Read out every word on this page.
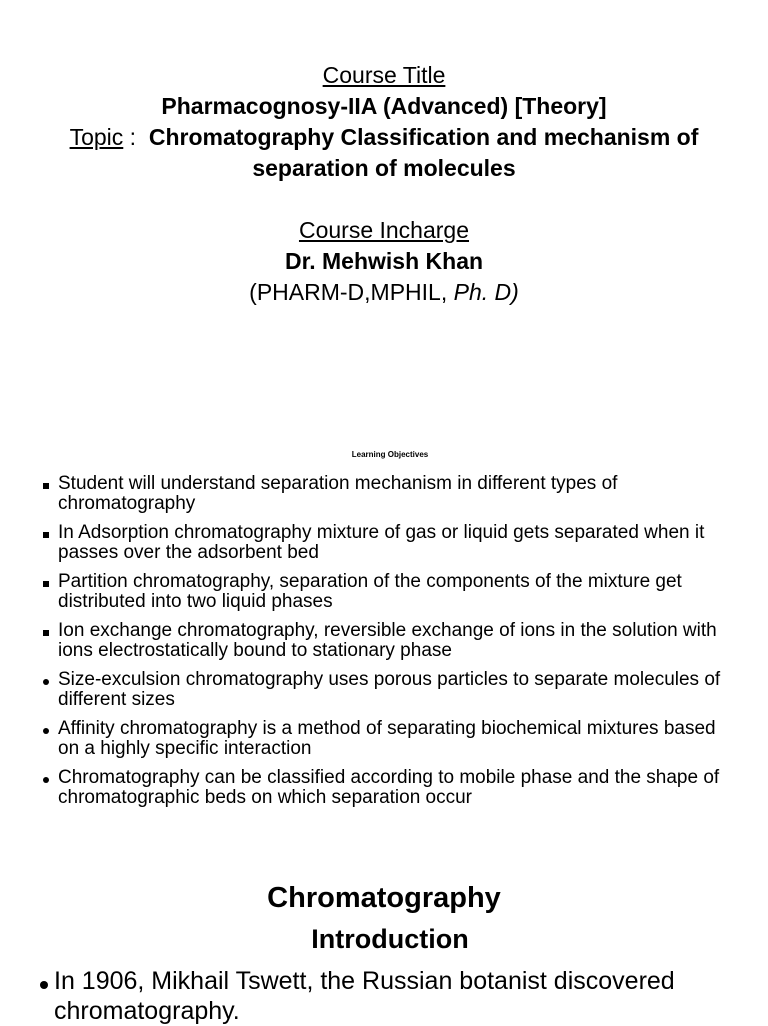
Course Title
Pharmacognosy-IIA (Advanced) [Theory]
Topic :  Chromatography Classification and mechanism of
separation of molecules
Course Incharge
Dr. Mehwish Khan
(PHARM-D,MPHIL, Ph. D)
Learning Objectives
Student will understand separation mechanism in different types of chromatography
In Adsorption chromatography mixture of gas or liquid gets separated when it passes over the adsorbent bed
Partition chromatography, separation of the components of the mixture get distributed into two liquid phases
Ion exchange chromatography, reversible exchange of ions in the solution with ions electrostatically bound to stationary phase
Size-exculsion chromatography uses porous particles to separate molecules of different sizes
Affinity chromatography is a method of separating biochemical mixtures based on a highly specific interaction
Chromatography can be classified according to mobile phase and the shape of chromatographic beds on which separation occur
Chromatography
Introduction
In 1906, Mikhail Tswett, the Russian botanist discovered chromatography.
